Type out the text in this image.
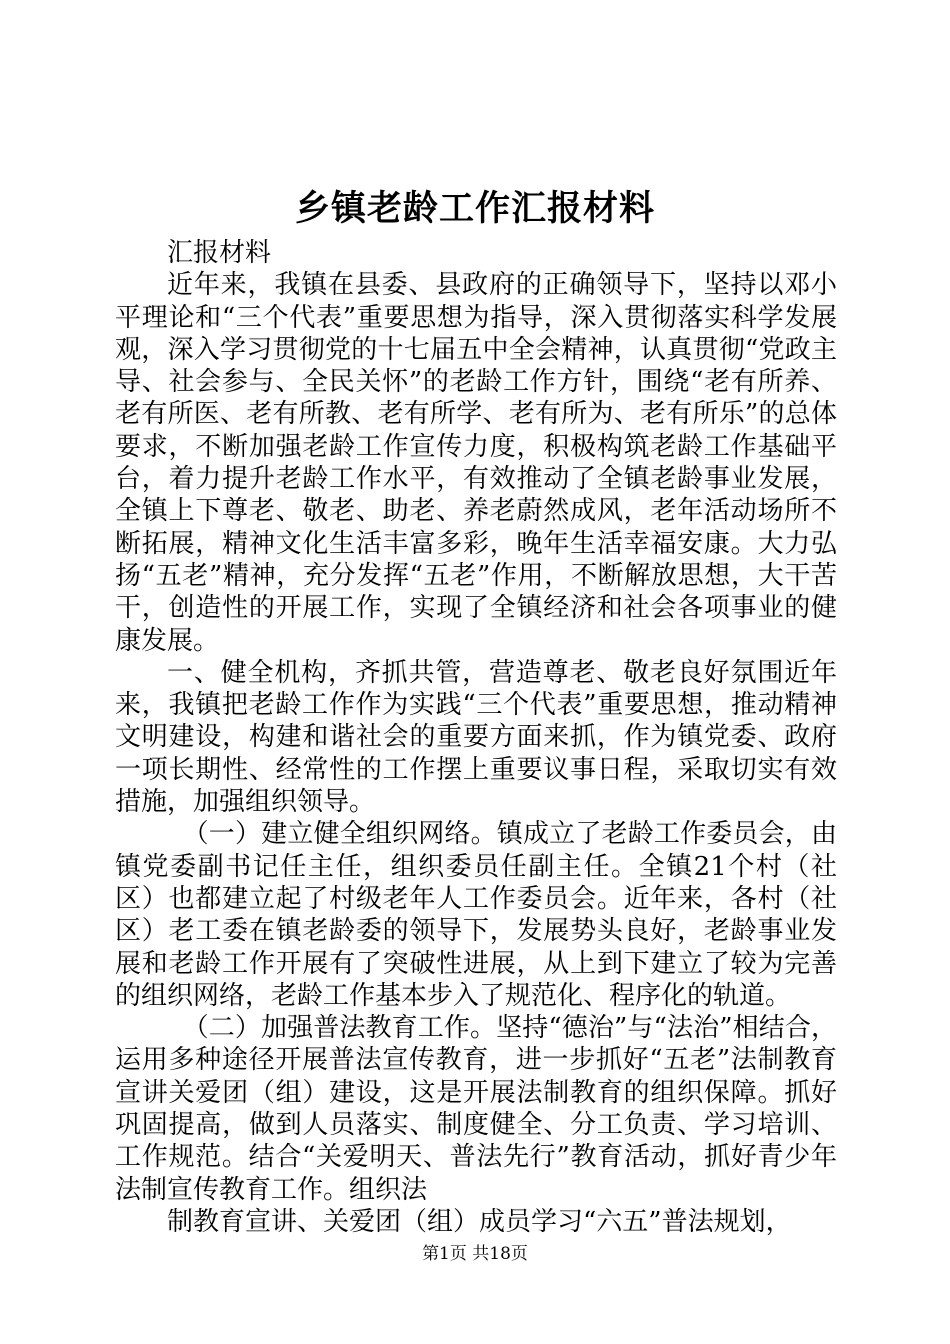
乡镇老龄工作汇报材料

汇报材料

近年来，我镇在县委、县政府的正确领导下，坚持以邓小平理论和“三个代表”重要思想为指导，深入贯彻落实科学发展观，深入学习贯彻党的十七届五中全会精神，认真贯彻“党政主导、社会参与、全民关怀”的老龄工作方针，围绕“老有所养、老有所医、老有所教、老有所学、老有所为、老有所乐”的总体要求，不断加强老龄工作宣传力度，积极构筑老龄工作基础平台，着力提升老龄工作水平，有效推动了全镇老龄事业发展，全镇上下尊老、敬老、助老、养老蔚然成风，老年活动场所不断拓展，精神文化生活丰富多彩，晚年生活幸福安康。大力弘扬“五老”精神，充分发挥“五老”作用，不断解放思想，大干苦干，创造性的开展工作，实现了全镇经济和社会各项事业的健康发展。

一、健全机构，齐抓共管，营造尊老、敬老良好氛围近年来，我镇把老龄工作作为实践“三个代表”重要思想，推动精神文明建设，构建和谐社会的重要方面来抓，作为镇党委、政府一项长期性、经常性的工作摆上重要议事日程，采取切实有效措施，加强组织领导。

（一）建立健全组织网络。镇成立了老龄工作委员会，由镇党委副书记任主任，组织委员任副主任。全镇21个村（社区）也都建立起了村级老年人工作委员会。近年来，各村（社区）老工委在镇老龄委的领导下，发展势头良好，老龄事业发展和老龄工作开展有了突破性进展，从上到下建立了较为完善的组织网络，老龄工作基本步入了规范化、程序化的轨道。

（二）加强普法教育工作。坚持“德治”与“法治”相结合，运用多种途径开展普法宣传教育，进一步抓好“五老”法制教育宣讲关爱团（组）建设，这是开展法制教育的组织保障。抓好巩固提高，做到人员落实、制度健全、分工负责、学习培训、工作规范。结合“关爱明天、普法先行”教育活动，抓好青少年法制宣传教育工作。组织法

制教育宣讲、关爱团（组）成员学习“六五”普法规划，

第1页 共18页
